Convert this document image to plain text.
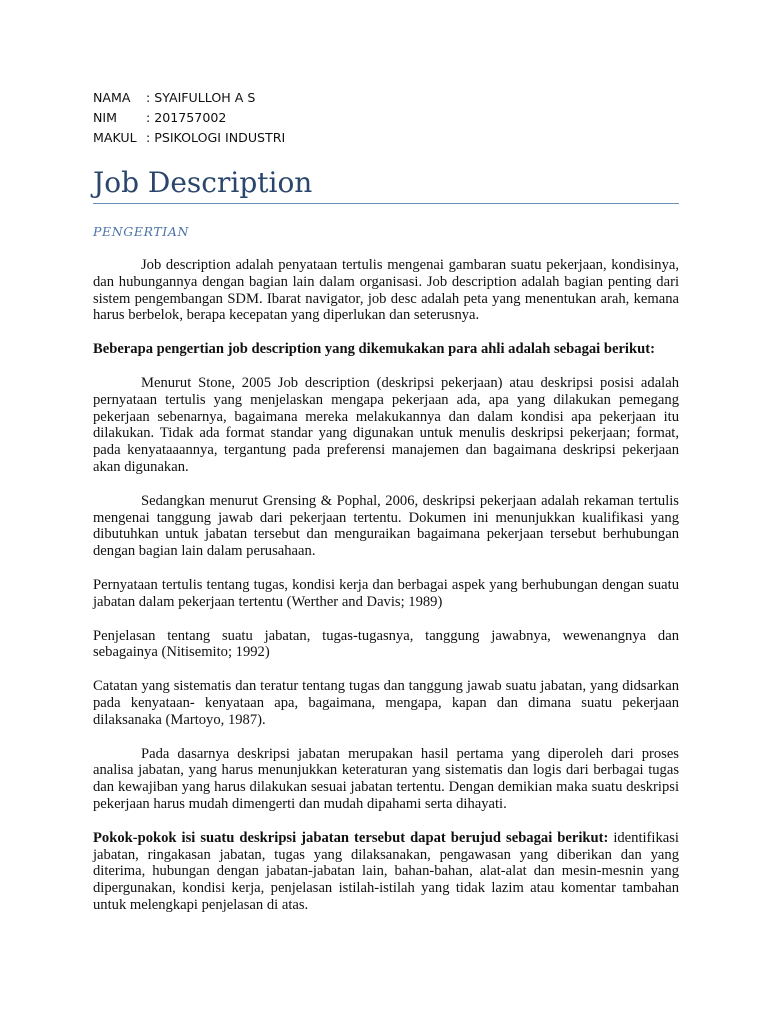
NAMA	: SYAIFULLOH A S
NIM	: 201757002
MAKUL : PSIKOLOGI INDUSTRI
Job Description
PENGERTIAN

Job description adalah penyataan tertulis mengenai gambaran suatu pekerjaan, kondisinya, dan hubungannya dengan bagian lain dalam organisasi. Job description adalah bagian penting dari sistem pengembangan SDM. Ibarat navigator, job desc adalah peta yang menentukan arah, kemana harus berbelok, berapa kecepatan yang diperlukan dan seterusnya.

Beberapa pengertian job description yang dikemukakan para ahli adalah sebagai berikut:

Menurut Stone, 2005 Job description (deskripsi pekerjaan) atau deskripsi posisi adalah pernyataan tertulis yang menjelaskan mengapa pekerjaan ada, apa yang dilakukan pemegang pekerjaan sebenarnya, bagaimana mereka melakukannya dan dalam kondisi apa pekerjaan itu dilakukan. Tidak ada format standar yang digunakan untuk menulis deskripsi pekerjaan; format, pada kenyataaannya, tergantung pada preferensi manajemen dan bagaimana deskripsi pekerjaan akan digunakan.

Sedangkan menurut Grensing & Pophal, 2006, deskripsi pekerjaan adalah rekaman tertulis mengenai tanggung jawab dari pekerjaan tertentu. Dokumen ini menunjukkan kualifikasi yang dibutuhkan untuk jabatan tersebut dan menguraikan bagaimana pekerjaan tersebut berhubungan dengan bagian lain dalam perusahaan.

Pernyataan tertulis tentang tugas, kondisi kerja dan berbagai aspek yang berhubungan dengan suatu jabatan dalam pekerjaan tertentu (Werther and Davis; 1989)

Penjelasan tentang suatu jabatan, tugas-tugasnya, tanggung jawabnya, wewenangnya dan sebagainya (Nitisemito; 1992)

Catatan yang sistematis dan teratur tentang tugas dan tanggung jawab suatu jabatan, yang didsarkan pada kenyataan- kenyataan apa, bagaimana, mengapa, kapan dan dimana suatu pekerjaan dilaksanaka (Martoyo, 1987).

Pada dasarnya deskripsi jabatan merupakan hasil pertama yang diperoleh dari proses analisa jabatan, yang harus menunjukkan keteraturan yang sistematis dan logis dari berbagai tugas dan kewajiban yang harus dilakukan sesuai jabatan tertentu. Dengan demikian maka suatu deskripsi pekerjaan harus mudah dimengerti dan mudah dipahami serta dihayati.

Pokok-pokok isi suatu deskripsi jabatan tersebut dapat berujud sebagai berikut: identifikasi jabatan, ringakasan jabatan, tugas yang dilaksanakan, pengawasan yang diberikan dan yang diterima, hubungan dengan jabatan-jabatan lain, bahan-bahan, alat-alat dan mesin-mesnin yang dipergunakan, kondisi kerja, penjelasan istilah-istilah yang tidak lazim atau komentar tambahan untuk melengkapi penjelasan di atas.
